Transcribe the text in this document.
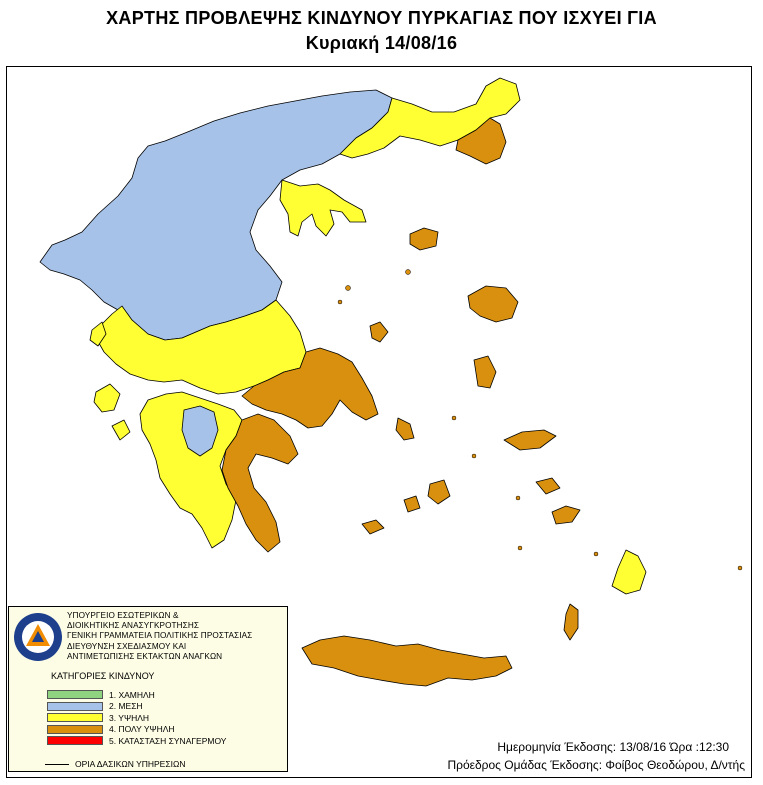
ΧΑΡΤΗΣ ΠΡΟΒΛΕΨΗΣ ΚΙΝΔΥΝΟΥ ΠΥΡΚΑΓΙΑΣ ΠΟΥ ΙΣΧΥΕΙ ΓΙΑ
Κυριακή 14/08/16
ΥΠΟΥΡΓΕΙΟ ΕΣΩΤΕΡΙΚΩΝ &
ΔΙΟΙΚΗΤΙΚΗΣ ΑΝΑΣΥΓΚΡΟΤΗΣΗΣ
ΓΕΝΙΚΗ ΓΡΑΜΜΑΤΕΙΑ ΠΟΛΙΤΙΚΗΣ ΠΡΟΣΤΑΣΙΑΣ
ΔΙΕΥΘΥΝΣΗ ΣΧΕΔΙΑΣΜΟΥ ΚΑΙ
ΑΝΤΙΜΕΤΩΠΙΣΗΣ ΕΚΤΑΚΤΩΝ ΑΝΑΓΚΩΝ
ΚΑΤΗΓΟΡΙΕΣ ΚΙΝΔΥΝΟΥ
1. ΧΑΜΗΛΗ
2. ΜΕΣΗ
3. ΥΨΗΛΗ
4. ΠΟΛΥ ΥΨΗΛΗ
5. ΚΑΤΑΣΤΑΣΗ ΣΥΝΑΓΕΡΜΟΥ
ΟΡΙΑ ΔΑΣΙΚΩΝ ΥΠΗΡΕΣΙΩΝ
Ημερομηνία Έκδοσης: 13/08/16 Ώρα :12:30
Πρόεδρος Ομάδας Έκδοσης: Φοίβος Θεοδώρου, Δ/ντής
